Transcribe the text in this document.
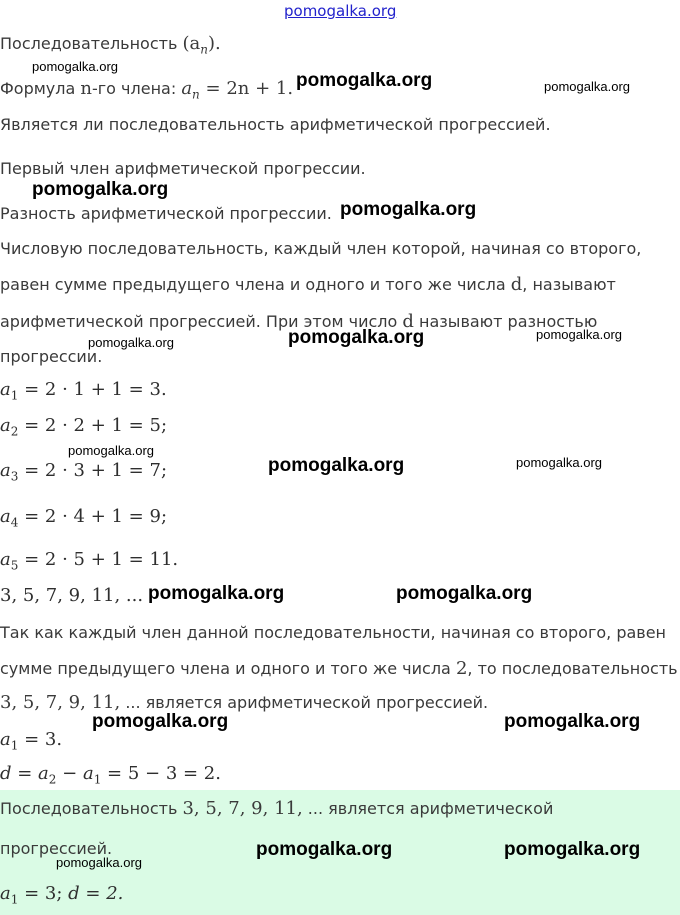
pomogalka.org

Последовательность $(a_n)$.

Формула n-го члена: $a_n = 2n + 1$.

Является ли последовательность арифметической прогрессией.

Первый член арифметической прогрессии.

Разность арифметической прогрессии.

Числовую последовательность, каждый член которой, начиная со второго,

равен сумме предыдущего члена и одного и того же числа d, называют

арифметической прогрессией. При этом число d называют разностью

прогрессии.

$a_1 = 2 \cdot 1 + 1 = 3$.

$a_2 = 2 \cdot 2 + 1 = 5$;

$a_3 = 2 \cdot 3 + 1 = 7$;

$a_4 = 2 \cdot 4 + 1 = 9$;

$a_5 = 2 \cdot 5 + 1 = 11$.

3, 5, 7, 9, 11, ...

Так как каждый член данной последовательности, начиная со второго, равен

сумме предыдущего члена и одного и того же числа 2, то последовательность

3, 5, 7, 9, 11, ... является арифметической прогрессией.

$a_1 = 3$.

$d = a_2 - a_1 = 5 - 3 = 2$.

Последовательность 3, 5, 7, 9, 11, ... является арифметической

прогрессией.

$a_1 = 3$; d = 2.

pomogalka.org
pomogalka.org	pomogalka.org
pomogalka.org
pomogalka.org
pomogalka.org	pomogalka.org	pomogalka.org
pomogalka.org
pomogalka.org	pomogalka.org
pomogalka.org	pomogalka.org
pomogalka.org	pomogalka.org
pomogalka.org
pomogalka.org	pomogalka.org
